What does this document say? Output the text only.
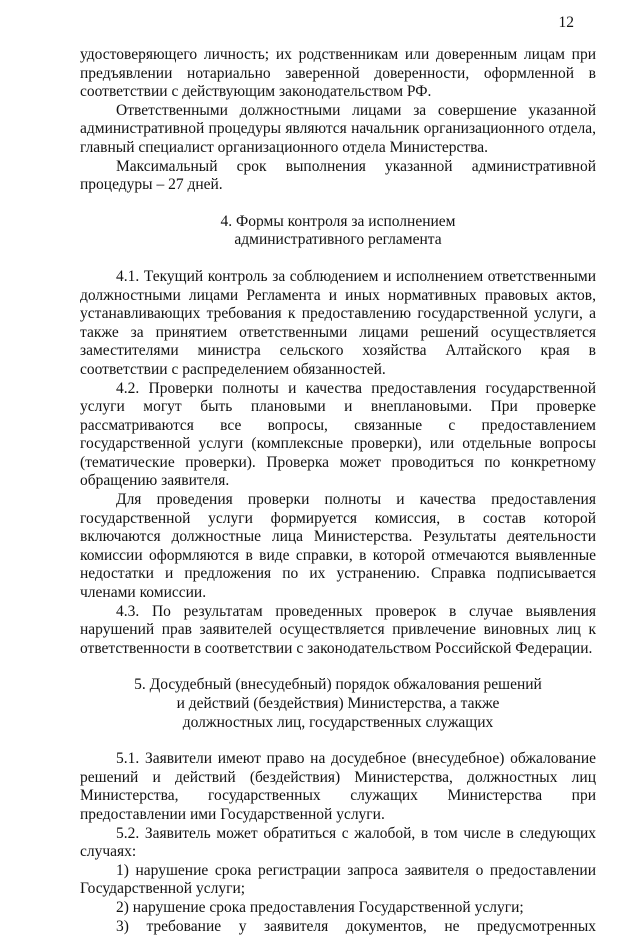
12

удостоверяющего личность; их родственникам или доверенным лицам при предъявлении нотариально заверенной доверенности, оформленной в соответствии с действующим законодательством РФ.

Ответственными должностными лицами за совершение указанной административной процедуры являются начальник организационного отдела, главный специалист организационного отдела Министерства.

Максимальный срок выполнения указанной административной процедуры – 27 дней.

4. Формы контроля за исполнением

административного регламента

4.1. Текущий контроль за соблюдением и исполнением ответственными должностными лицами Регламента и иных нормативных правовых актов, устанавливающих требования к предоставлению государственной услуги, а также за принятием ответственными лицами решений осуществляется заместителями министра сельского хозяйства Алтайского края в соответствии с распределением обязанностей.

4.2. Проверки полноты и качества предоставления государственной услуги могут быть плановыми и внеплановыми. При проверке рассматриваются все вопросы, связанные с предоставлением государственной услуги (комплексные проверки), или отдельные вопросы (тематические проверки). Проверка может проводиться по конкретному обращению заявителя.

Для проведения проверки полноты и качества предоставления государственной услуги формируется комиссия, в состав которой включаются должностные лица Министерства. Результаты деятельности комиссии оформляются в виде справки, в которой отмечаются выявленные недостатки и предложения по их устранению. Справка подписывается членами комиссии.

4.3. По результатам проведенных проверок в случае выявления нарушений прав заявителей осуществляется привлечение виновных лиц к ответственности в соответствии с законодательством Российской Федерации.

5. Досудебный (внесудебный) порядок обжалования решений

и действий (бездействия) Министерства, а также

должностных лиц, государственных служащих

5.1. Заявители имеют право на досудебное (внесудебное) обжалование решений и действий (бездействия) Министерства, должностных лиц Министерства, государственных служащих Министерства при предоставлении ими Государственной услуги.

5.2. Заявитель может обратиться с жалобой, в том числе в следующих случаях:

1) нарушение срока регистрации запроса заявителя о предоставлении Государственной услуги;

2) нарушение срока предоставления Государственной услуги;

3) требование у заявителя документов, не предусмотренных
